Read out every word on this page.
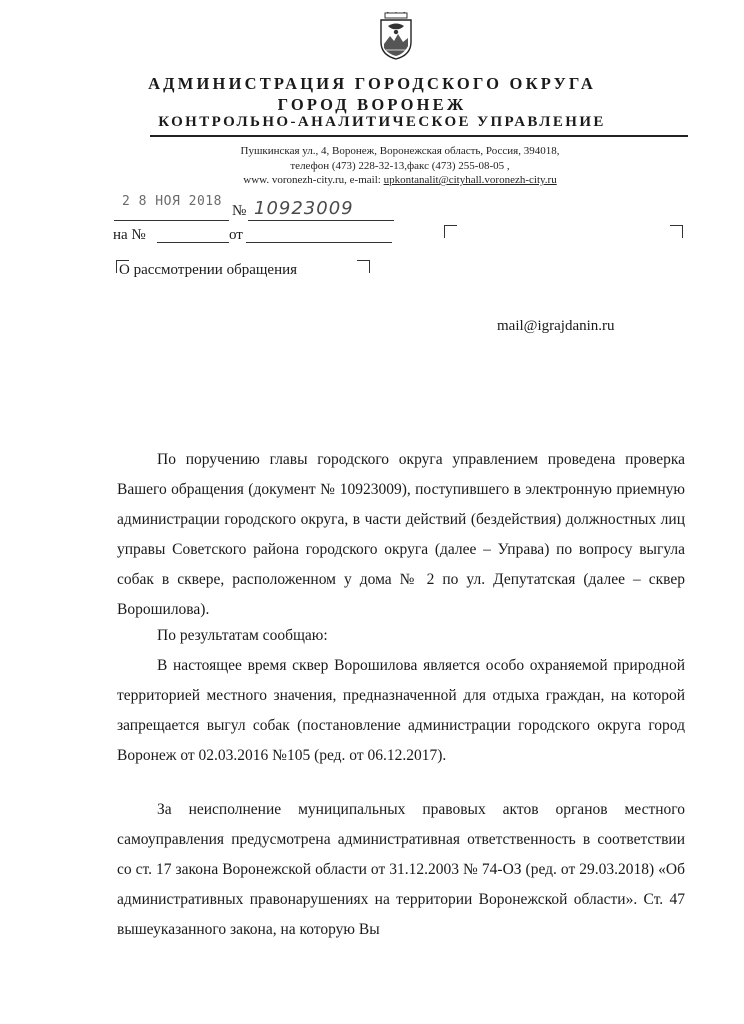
АДМИНИСТРАЦИЯ ГОРОДСКОГО ОКРУГА
ГОРОД ВОРОНЕЖ
КОНТРОЛЬНО-АНАЛИТИЧЕСКОЕ УПРАВЛЕНИЕ
Пушкинская ул., 4, Воронеж, Воронежская область, Россия, 394018,
телефон (473) 228-32-13,факс (473) 255-08-05 ,
www. voronezh-city.ru, e-mail: upkontanalit@cityhall.voronezh-city.ru
2 8 НОЯ 2018
№ 10923009
на №	от
О рассмотрении обращения
mail@igrajdanin.ru

По поручению главы городского округа управлением проведена проверка Вашего обращения (документ № 10923009), поступившего в электронную приемную администрации городского округа, в части действий (бездействия) должностных лиц управы Советского района городского округа (далее – Управа) по вопросу выгула собак в сквере, расположенном у дома № 2 по ул. Депутатская (далее – сквер Ворошилова).

По результатам сообщаю:

В настоящее время сквер Ворошилова является особо охраняемой природной территорией местного значения, предназначенной для отдыха граждан, на которой запрещается выгул собак (постановление администрации городского округа город Воронеж от 02.03.2016 №105 (ред. от 06.12.2017).

За неисполнение муниципальных правовых актов органов местного самоуправления предусмотрена административная ответственность в соответствии со ст. 17 закона Воронежской области от 31.12.2003 № 74-ОЗ (ред. от 29.03.2018) «Об административных правонарушениях на территории Воронежской области». Ст. 47 вышеуказанного закона, на которую Вы
